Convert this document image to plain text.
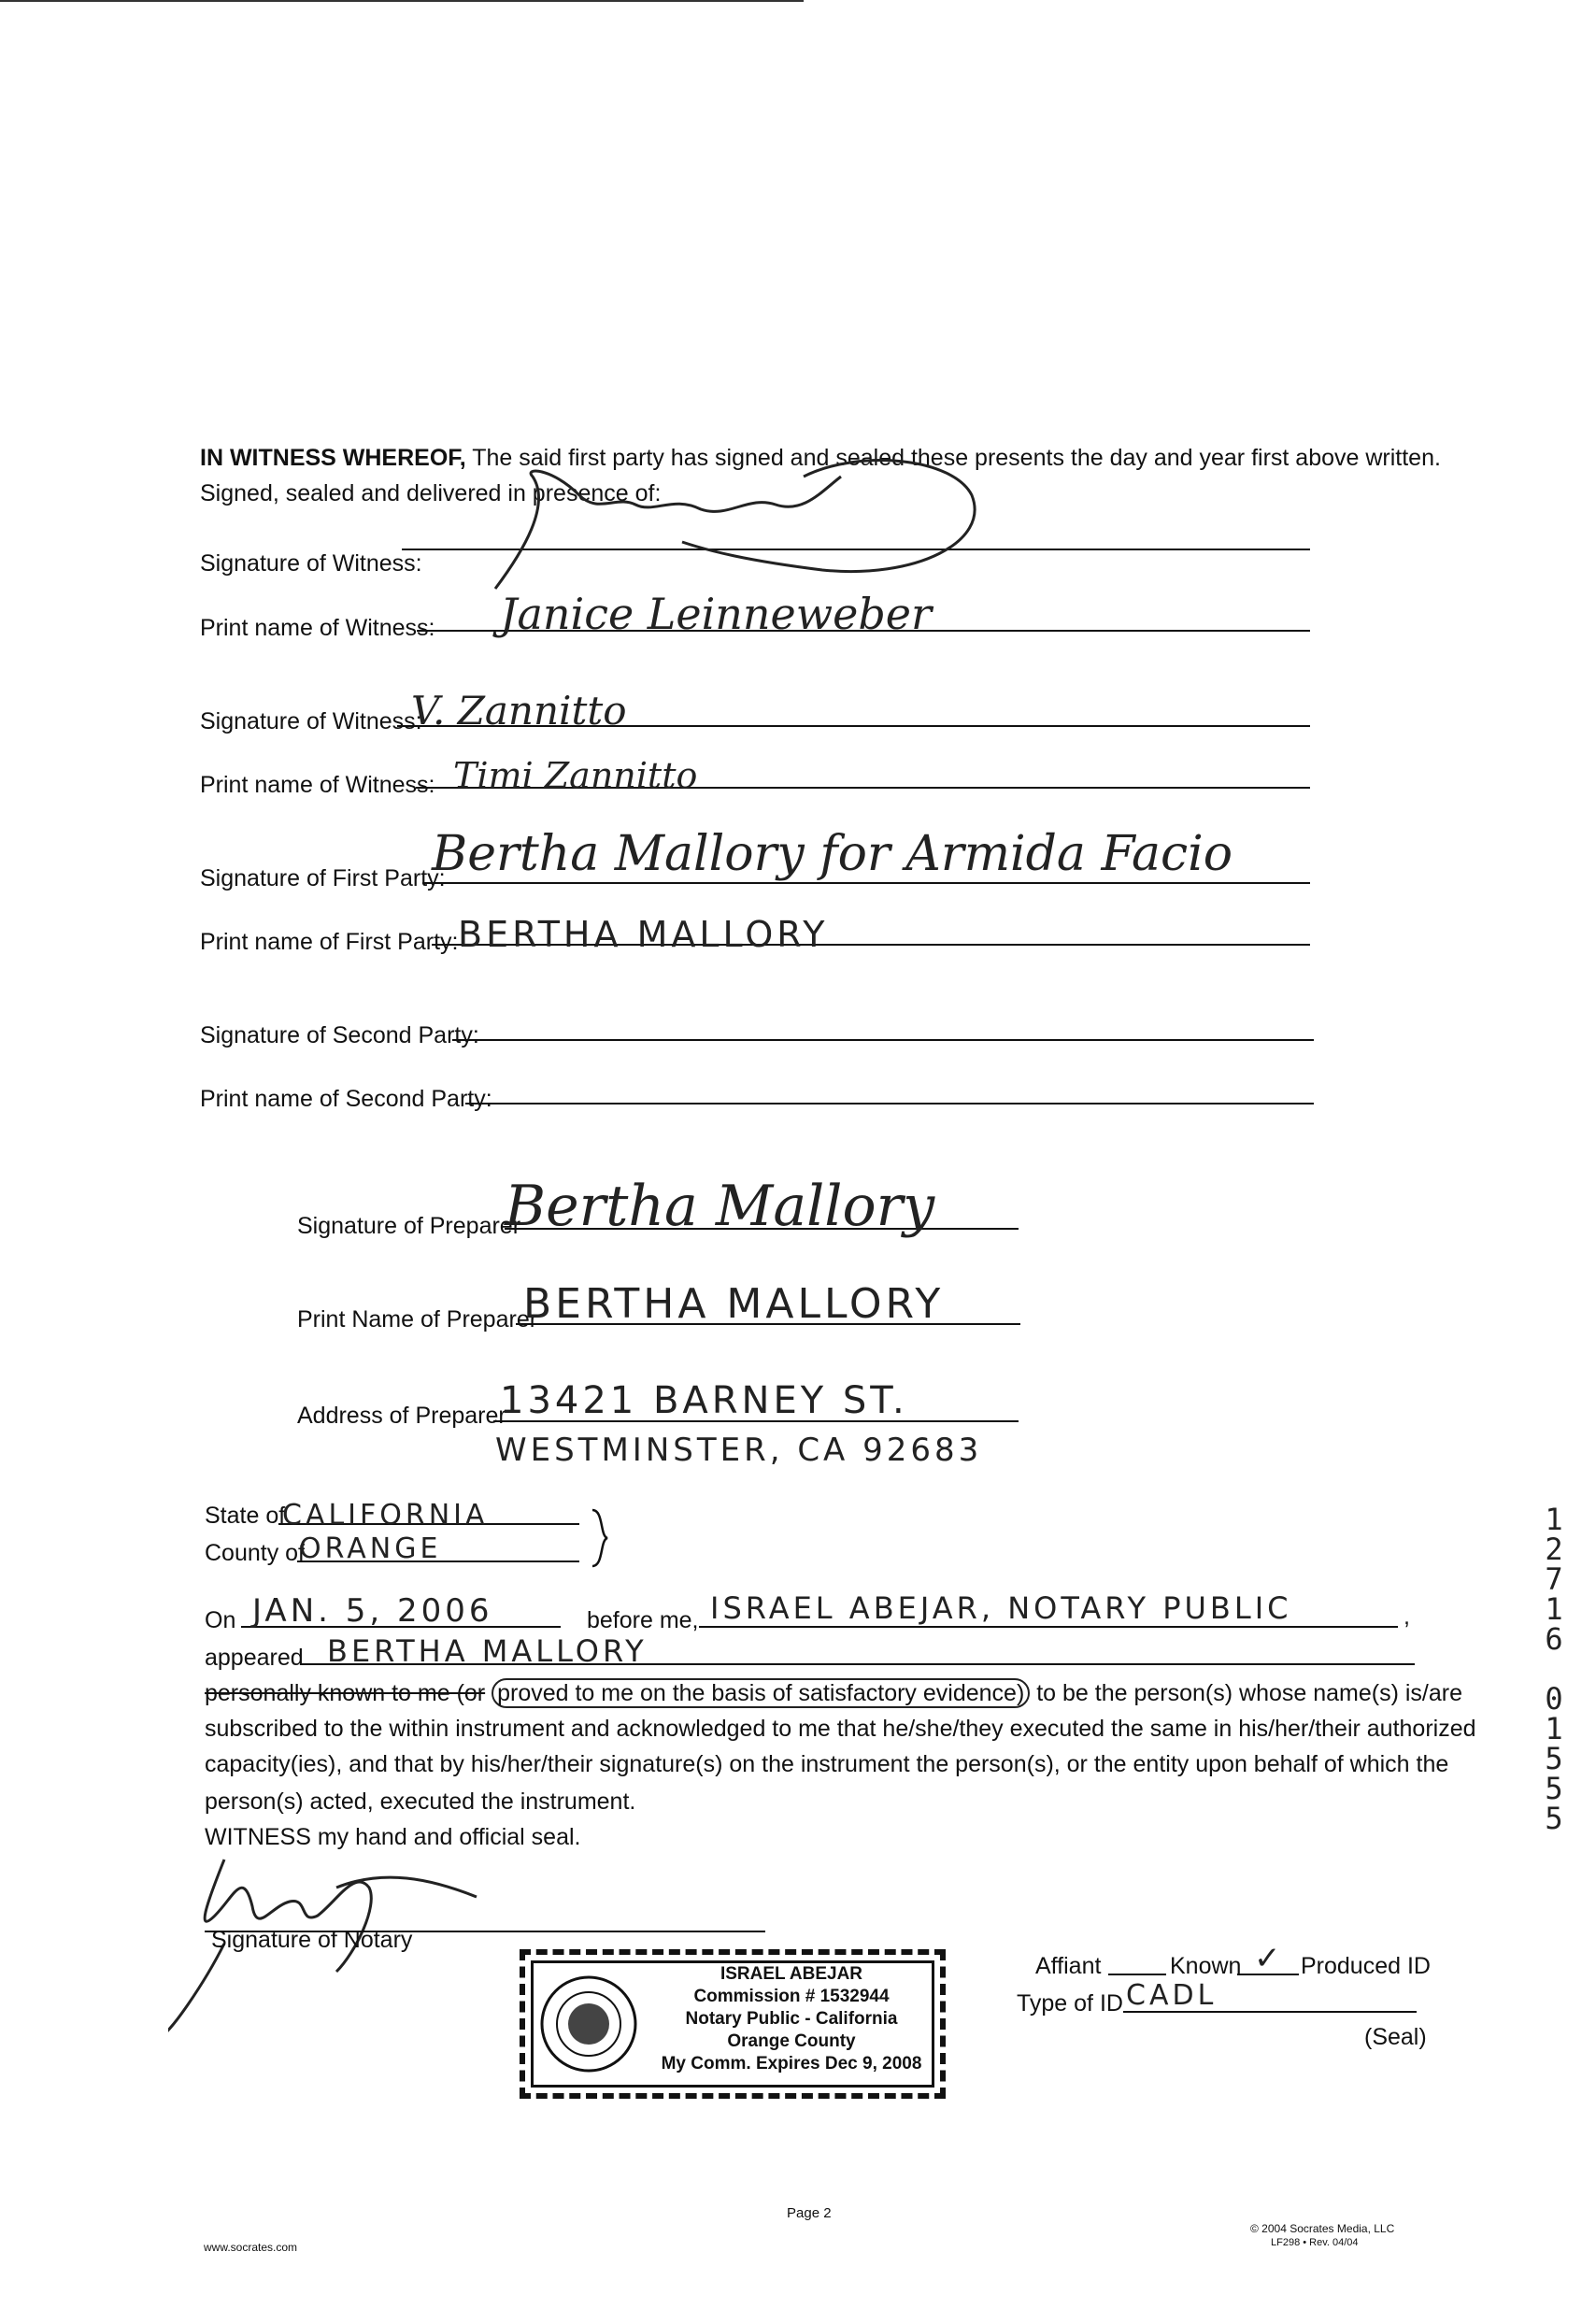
IN WITNESS WHEREOF, The said first party has signed and sealed these presents the day and year first above written.
Signed, sealed and delivered in presence of:
Signature of Witness:
Print name of Witness: Janice Leinneweber
Signature of Witness:
V. Zannitto
Print name of Witness: Timi Zannitto
Signature of First Party:
Bertha Mallory for Armida Facio
Print name of First Party: BERTHA MALLORY
Signature of Second Party:
Print name of Second Party:
Signature of Preparer
Bertha Mallory
Print Name of Preparer
BERTHA MALLORY
Address of Preparer
13421 BARNEY ST.
WESTMINSTER, CA 92683
State of
CALIFORNIA
County of
ORANGE
On JAN. 5, 2006	before me, ISRAEL ABEJAR, NOTARY PUBLIC	,
appeared BERTHA MALLORY
personally known to me (or proved to me on the basis of satisfactory evidence) to be the person(s) whose name(s) is/are
subscribed to the within instrument and acknowledged to me that he/she/they executed the same in his/her/their authorized
capacity(ies), and that by his/her/their signature(s) on the instrument the person(s), or the entity upon behalf of which the
person(s) acted, executed the instrument.
WITNESS my hand and official seal.
Signature of Notary
ISRAEL ABEJAR
Commission # 1532944
Notary Public - California
Orange County
My Comm. Expires Dec 9, 2008
Affiant	Known ✓ Produced ID
Type of ID CADL
(Seal)
1
2
7
1
6

0
1
5
5
5
Page 2
www.socrates.com
© 2004 Socrates Media, LLC
LF298 • Rev. 04/04
